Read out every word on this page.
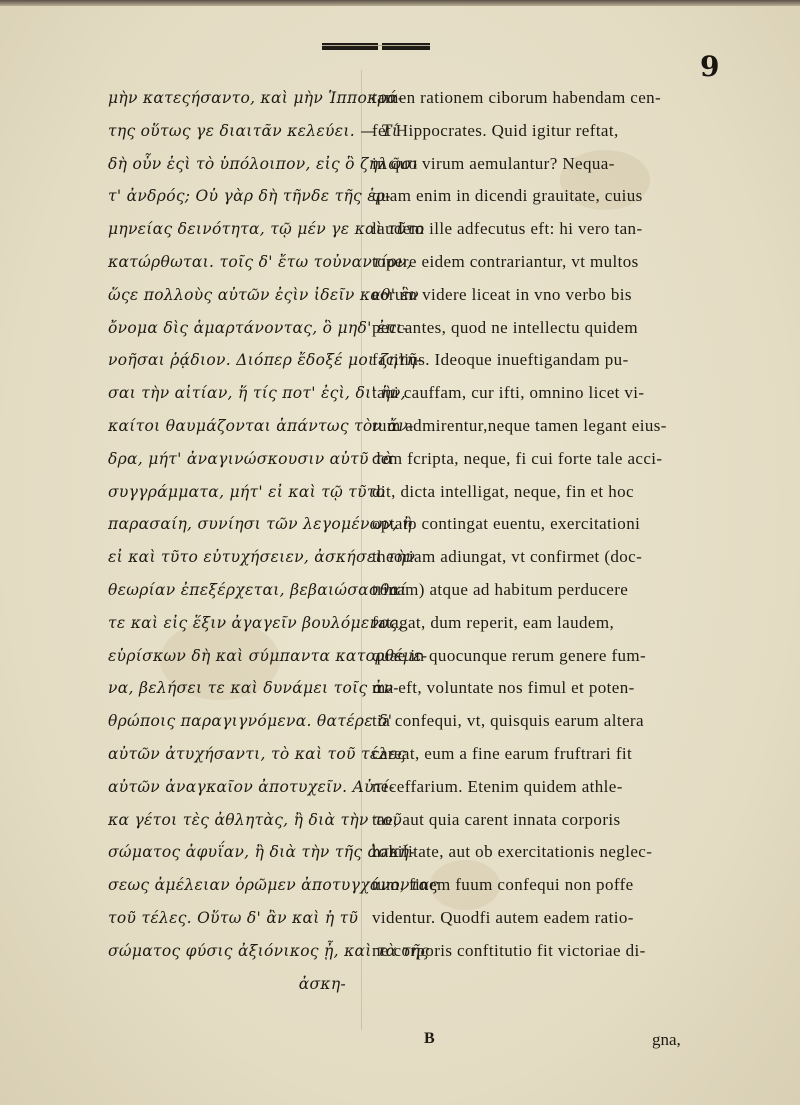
9
μὴν κατεςήσαντο, καὶ μὴν Ἱπποκρά-
της οὕτως γε διαιτᾶν κελεύει. — Τί
δὴ οὖν ἐςὶ τὸ ὑπόλοιπον, εἰς ὃ ζηλῶσι
τ' ἀνδρός; Οὐ γὰρ δὴ τῆνδε τῆς ἑρ-
μηνείας δεινότητα, τῷ μέν γε καὶ τῦτο
κατώρθωται. τοῖς δ' ἔτω τοὐναντίον,
ὥςε πολλοὺς αὐτῶν ἐςὶν ἰδεῖν καθ' ἓν
ὄνομα δὶς ἁμαρτάνοντας, ὃ μηδ' ἐπι-
νοῆσαι ῥᾴδιον. Διόπερ ἔδοξέ μοι ζητῆ-
σαι τὴν αἰτίαν, ἥ τίς ποτ' ἐςὶ, δι' ἣν,
καίτοι θαυμάζονται ἁπάντως τὸν ἄν-
δρα, μήτ' ἀναγινώσκουσιν αὐτῦ τὰ
συγγράμματα, μήτ' εἰ καὶ τῷ τῦτο
παρασαίη, συνίησι τῶν λεγομένων, ἢ
εἰ καὶ τῦτο εὐτυχήσειεν, ἀσκήσει τὴν
θεωρίαν ἐπεξέρχεται, βεβαιώσασθαί
τε καὶ εἰς ἕξιν ἀγαγεῖν βουλόμενος,
εὑρίσκων δὴ καὶ σύμπαντα κατορθέμε-
να, βελήσει τε καὶ δυνάμει τοῖς ἀν-
θρώποις παραγιγνόμενα. θατέρε δ'
αὐτῶν ἀτυχήσαντι, τὸ καὶ τοῦ τέλες
αὐτῶν ἀναγκαῖον ἀποτυχεῖν. Αὐτί-
κα γέτοι τὲς ἀθλητὰς, ἢ διὰ τὴν τοῦ
σώματος ἀφυΐαν, ἢ διὰ τὴν τῆς ἀσκή-
σεως ἀμέλειαν ὁρῶμεν ἀποτυγχάνοντας
τοῦ τέλες. Οὕτω δ' ἂν καὶ ἡ τῦ
σώματος φύσις ἀξιόνικος ᾖ, καὶ τὰ τῆς
ἀσκη-
tamen rationem ciborum habendam cen-
fet Hippocrates. Quid igitur reftat,
in quo virum aemulantur? Nequa-
quam enim in dicendi grauitate, cuius
laudem ille adfecutus eft: hi vero tan-
topere eidem contrariantur, vt multos
eorum videre liceat in vno verbo bis
peccantes, quod ne intellectu quidem
facilius. Ideoque inueftigandam pu-
taui cauffam, cur ifti, omnino licet vi-
rum admirentur,neque tamen legant eius-
dem fcripta, neque, fi cui forte tale acci-
dit, dicta intelligat, neque, fin et hoc
optato contingat euentu, exercitationi
theoriam adiungat, vt confirmet (doc-
trinam) atque ad habitum perducere
fatagat, dum reperit, eam laudem,
quae in quocunque rerum genere fum-
ma eft, voluntate nos fimul et poten-
tia confequi, vt, quisquis earum altera
careat, eum a fine earum fruftrari fit
neceffarium. Etenim quidem athle-
tae, aut quia carent innata corporis
habilitate, aut ob exercitationis neglec-
tum, finem fuum confequi non poffe
videntur. Quodfi autem eadem ratio-
ne corporis conftitutio fit victoriae di-
B	gna,
